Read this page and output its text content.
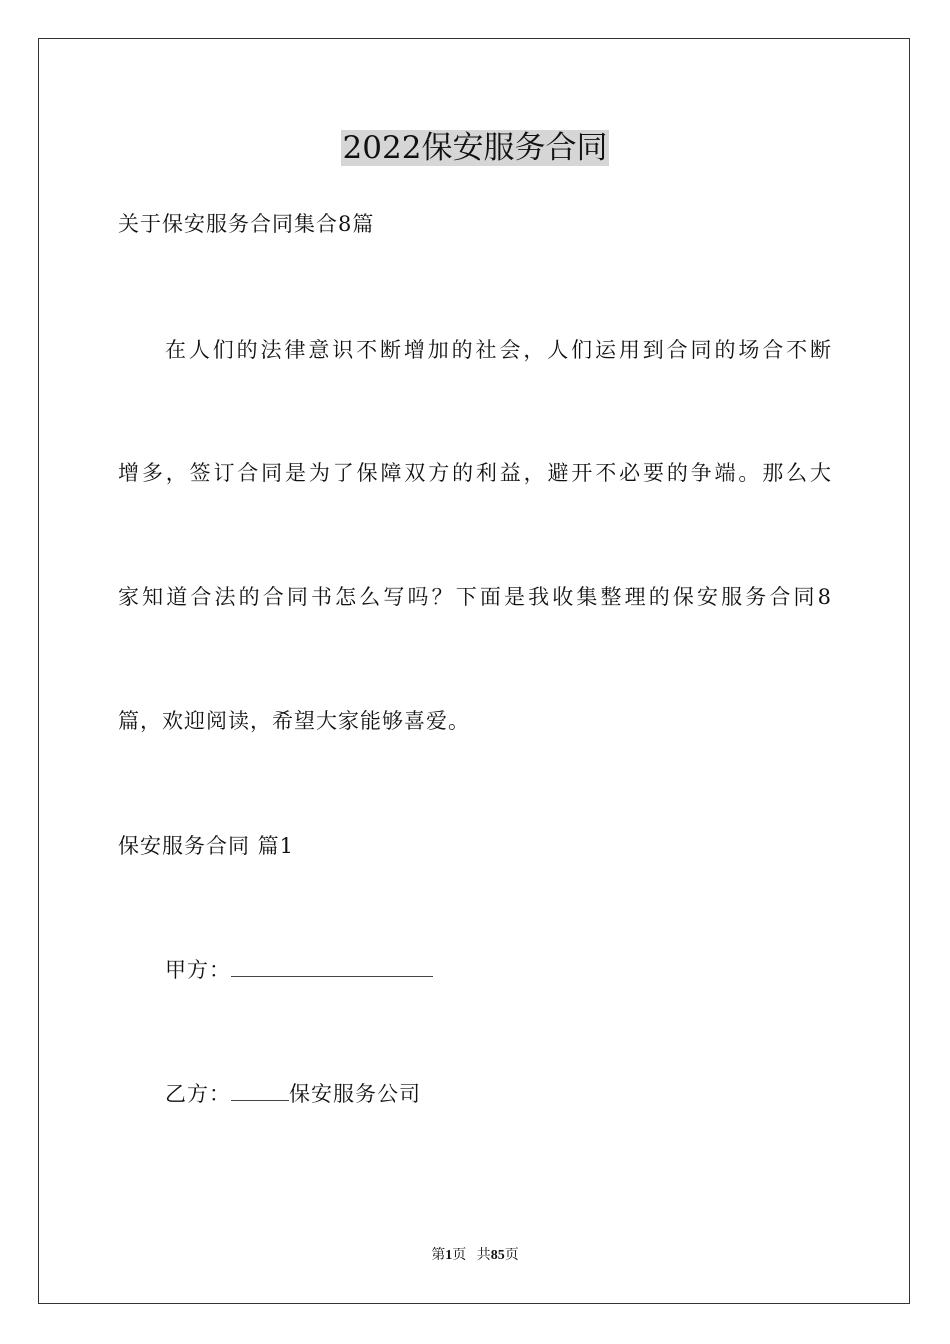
2022保安服务合同
关于保安服务合同集合8篇
在人们的法律意识不断增加的社会，人们运用到合同的场合不断
增多，签订合同是为了保障双方的利益，避开不必要的争端。那么大
家知道合法的合同书怎么写吗？下面是我收集整理的保安服务合同8
篇，欢迎阅读，希望大家能够喜爱。
保安服务合同 篇1
甲方：
乙方：	保安服务公司
第1页 共85页
